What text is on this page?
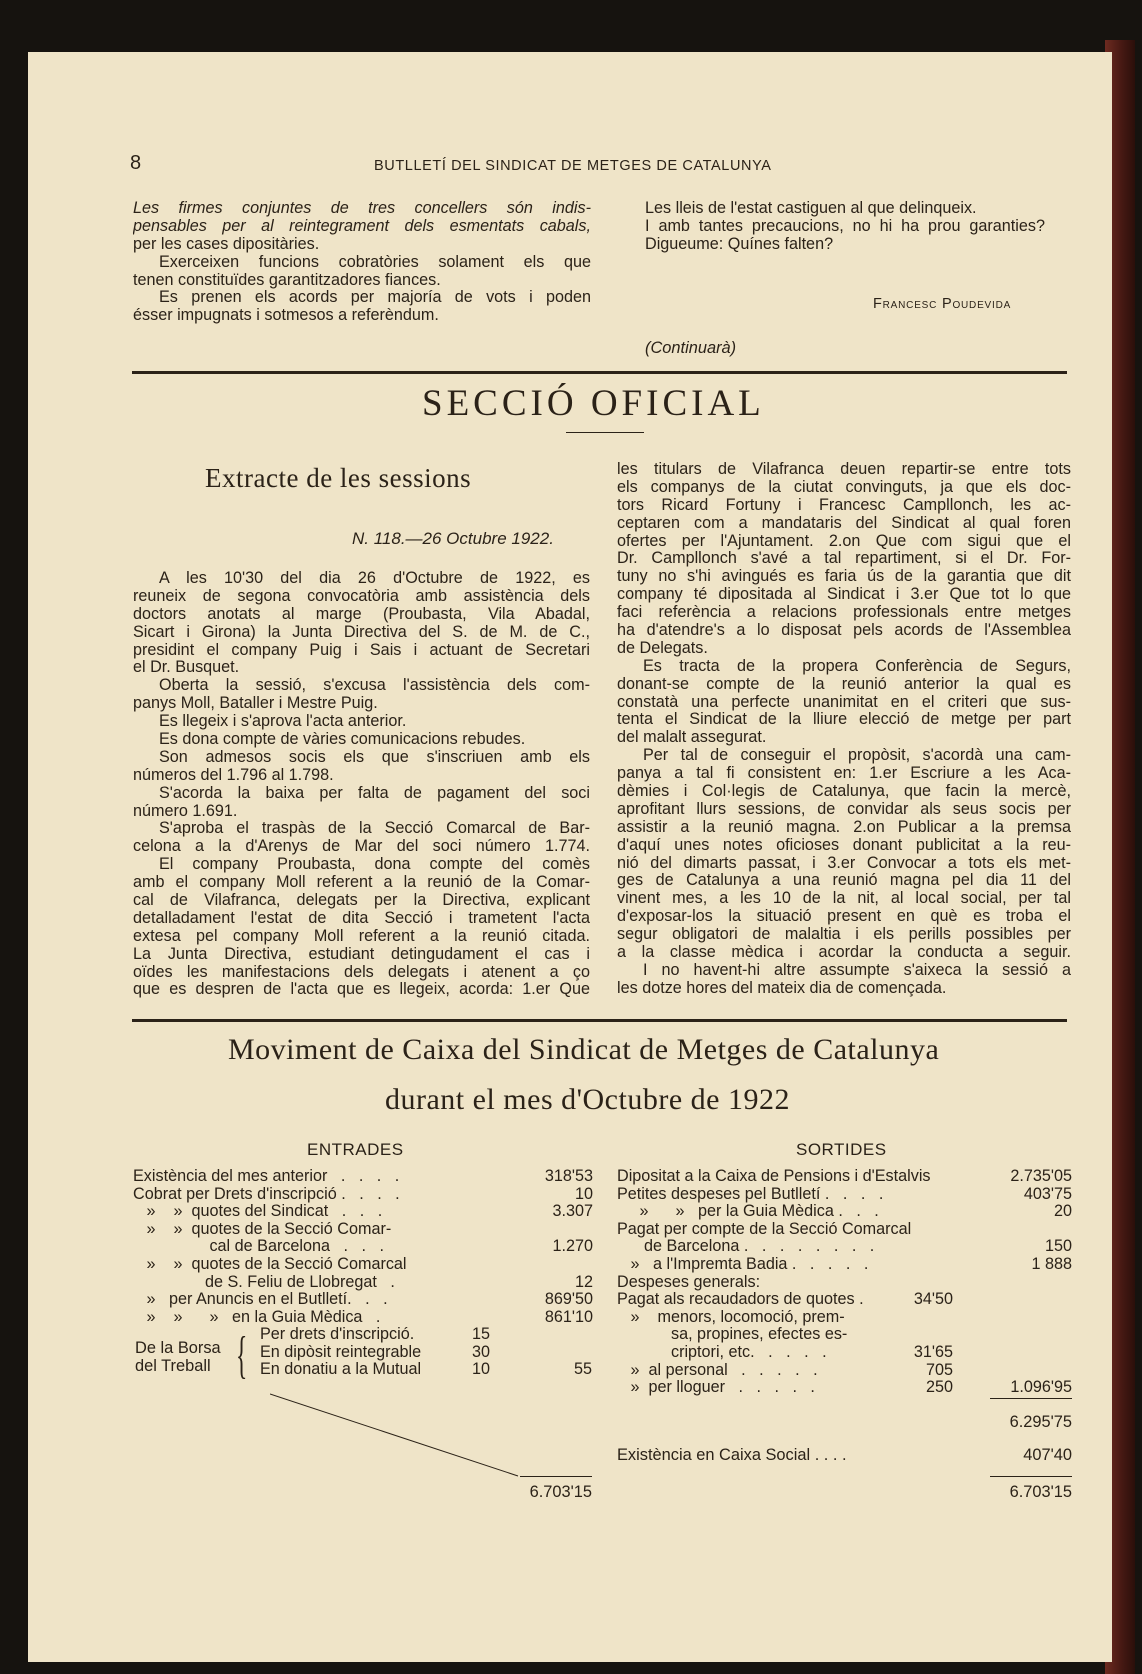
8	BUTLLETÍ DEL SINDICAT DE METGES DE CATALUNYA
Les firmes conjuntes de tres concellers són indis-
pensables per al reintegrament dels esmentats cabals,
per les cases dipositàries.
Exerceixen funcions cobratòries solament els que
tenen constituïdes garantitzadores fiances.
Es prenen els acords per majoría de vots i poden
ésser impugnats i sotmesos a referèndum.
Les lleis de l'estat castiguen al que delinqueix.
I amb tantes precaucions, no hi ha prou garanties?
Digueume: Quínes falten?
Francesc Poudevida
(Continuarà)
SECCIÓ OFICIAL
Extracte de les sessions
N. 118.—26 Octubre 1922.
A les 10'30 del dia 26 d'Octubre de 1922, es
reuneix de segona convocatòria amb assistència dels
doctors anotats al marge (Proubasta, Vila Abadal,
Sicart i Girona) la Junta Directiva del S. de M. de C.,
presidint el company Puig i Sais i actuant de Secretari
el Dr. Busquet.
Oberta la sessió, s'excusa l'assistència dels com-
panys Moll, Bataller i Mestre Puig.
Es llegeix i s'aprova l'acta anterior.
Es dona compte de vàries comunicacions rebudes.
Son admesos socis els que s'inscriuen amb els
números del 1.796 al 1.798.
S'acorda la baixa per falta de pagament del soci
número 1.691.
S'aproba el traspàs de la Secció Comarcal de Bar-
celona a la d'Arenys de Mar del soci número 1.774.
El company Proubasta, dona compte del comès
amb el company Moll referent a la reunió de la Comar-
cal de Vilafranca, delegats per la Directiva, explicant
detalladament l'estat de dita Secció i trametent l'acta
extesa pel company Moll referent a la reunió citada.
La Junta Directiva, estudiant detingudament el cas i
oïdes les manifestacions dels delegats i atenent a ço
que es despren de l'acta que es llegeix, acorda: 1.er Que
les titulars de Vilafranca deuen repartir-se entre tots
els companys de la ciutat convinguts, ja que els doc-
tors Ricard Fortuny i Francesc Campllonch, les ac-
ceptaren com a mandataris del Sindicat al qual foren
ofertes per l'Ajuntament. 2.on Que com sigui que el
Dr. Campllonch s'avé a tal repartiment, si el Dr. For-
tuny no s'hi avingués es faria ús de la garantia que dit
company té dipositada al Sindicat i 3.er Que tot lo que
faci referència a relacions professionals entre metges
ha d'atendre's a lo disposat pels acords de l'Assemblea
de Delegats.
Es tracta de la propera Conferència de Segurs,
donant-se compte de la reunió anterior la qual es
constatà una perfecte unanimitat en el criteri que sus-
tenta el Sindicat de la lliure elecció de metge per part
del malalt assegurat.
Per tal de conseguir el propòsit, s'acordà una cam-
panya a tal fi consistent en: 1.er Escriure a les Aca-
dèmies i Col·legis de Catalunya, que facin la mercè,
aprofitant llurs sessions, de convidar als seus socis per
assistir a la reunió magna. 2.on Publicar a la premsa
d'aquí unes notes oficioses donant publicitat a la reu-
nió del dimarts passat, i 3.er Convocar a tots els met-
ges de Catalunya a una reunió magna pel dia 11 del
vinent mes, a les 10 de la nit, al local social, per tal
d'exposar-los la situació present en què es troba el
segur obligatori de malaltia i els perills possibles per
a la classe mèdica i acordar la conducta a seguir.
I no havent-hi altre assumpte s'aixeca la sessió a
les dotze hores del mateix dia de començada.
Moviment de Caixa del Sindicat de Metges de Catalunya
durant el mes d'Octubre de 1922
ENTRADES	SORTIDES
Existència del mes anterior   .   .   .   .	318'53
Cobrat per Drets d'inscripció .   .   .   .	10
»    »  quotes del Sindicat   .   .   .	3.307
»    »  quotes de la Secció Comar-
cal de Barcelona   .   .   .	1.270
»    »  quotes de la Secció Comarcal
de S. Feliu de Llobregat   .	12
»   per Anuncis en el Butlletí.   .   .	869'50
»    »      »   en la Guia Mèdica   .	861'10
De la Borsa
del Treball { Per drets d'inscripció.	15
En dipòsit reintegrable	30
En donatiu a la Mutual	10	55
6.703'15
Dipositat a la Caixa de Pensions i d'Estalvis	2.735'05
Petites despeses pel Butlletí .   .   .   .	403'75
»      »   per la Guia Mèdica .   .   .	20
Pagat per compte de la Secció Comarcal
de Barcelona .   .   .   .   .   .   .   .	150
»   a l'Impremta Badia .   .   .   .   .	1 888
Despeses generals:
Pagat als recaudadors de quotes .	34'50
»    menors, locomoció, prem-
sa, propines, efectes es-
criptori, etc.   .   .   .   .	31'65
»  al personal   .   .   .   .   .	705
»  per lloguer   .   .   .   .   .	250	1.096'95
6.295'75
Existència en Caixa Social . . . .	407'40
6.703'15
